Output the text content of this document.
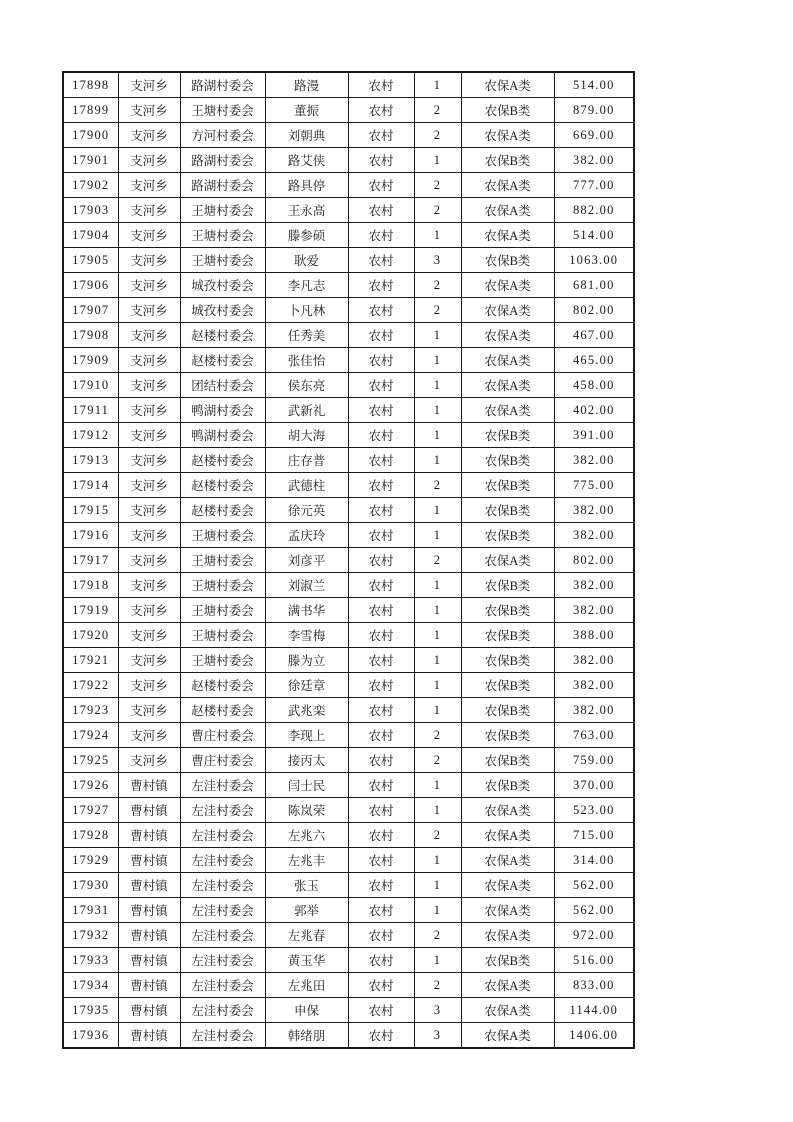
17898	支河乡	路湖村委会	路漫	农村	1	农保A类	514.00
17899	支河乡	王塘村委会	董振	农村	2	农保B类	879.00
17900	支河乡	方河村委会	刘朝典	农村	2	农保A类	669.00
17901	支河乡	路湖村委会	路艾侠	农村	1	农保B类	382.00
17902	支河乡	路湖村委会	路具停	农村	2	农保A类	777.00
17903	支河乡	王塘村委会	王永高	农村	2	农保A类	882.00
17904	支河乡	王塘村委会	滕参硕	农村	1	农保A类	514.00
17905	支河乡	王塘村委会	耿爱	农村	3	农保B类	1063.00
17906	支河乡	城孜村委会	李凡志	农村	2	农保A类	681.00
17907	支河乡	城孜村委会	卜凡林	农村	2	农保A类	802.00
17908	支河乡	赵楼村委会	任秀美	农村	1	农保A类	467.00
17909	支河乡	赵楼村委会	张佳怡	农村	1	农保A类	465.00
17910	支河乡	团结村委会	侯东亮	农村	1	农保A类	458.00
17911	支河乡	鸭湖村委会	武新礼	农村	1	农保A类	402.00
17912	支河乡	鸭湖村委会	胡大海	农村	1	农保B类	391.00
17913	支河乡	赵楼村委会	庄存普	农村	1	农保B类	382.00
17914	支河乡	赵楼村委会	武德柱	农村	2	农保B类	775.00
17915	支河乡	赵楼村委会	徐元英	农村	1	农保B类	382.00
17916	支河乡	王塘村委会	孟庆玲	农村	1	农保B类	382.00
17917	支河乡	王塘村委会	刘彦平	农村	2	农保A类	802.00
17918	支河乡	王塘村委会	刘淑兰	农村	1	农保B类	382.00
17919	支河乡	王塘村委会	满书华	农村	1	农保B类	382.00
17920	支河乡	王塘村委会	李雪梅	农村	1	农保B类	388.00
17921	支河乡	王塘村委会	滕为立	农村	1	农保B类	382.00
17922	支河乡	赵楼村委会	徐廷章	农村	1	农保B类	382.00
17923	支河乡	赵楼村委会	武兆栾	农村	1	农保B类	382.00
17924	支河乡	曹庄村委会	李现上	农村	2	农保B类	763.00
17925	支河乡	曹庄村委会	接丙太	农村	2	农保B类	759.00
17926	曹村镇	左洼村委会	闫士民	农村	1	农保B类	370.00
17927	曹村镇	左洼村委会	陈岚荣	农村	1	农保A类	523.00
17928	曹村镇	左洼村委会	左兆六	农村	2	农保A类	715.00
17929	曹村镇	左洼村委会	左兆丰	农村	1	农保A类	314.00
17930	曹村镇	左洼村委会	张玉	农村	1	农保A类	562.00
17931	曹村镇	左洼村委会	郭举	农村	1	农保A类	562.00
17932	曹村镇	左洼村委会	左兆春	农村	2	农保A类	972.00
17933	曹村镇	左洼村委会	黄玉华	农村	1	农保B类	516.00
17934	曹村镇	左洼村委会	左兆田	农村	2	农保A类	833.00
17935	曹村镇	左洼村委会	申保	农村	3	农保A类	1144.00
17936	曹村镇	左洼村委会	韩绪朋	农村	3	农保A类	1406.00
